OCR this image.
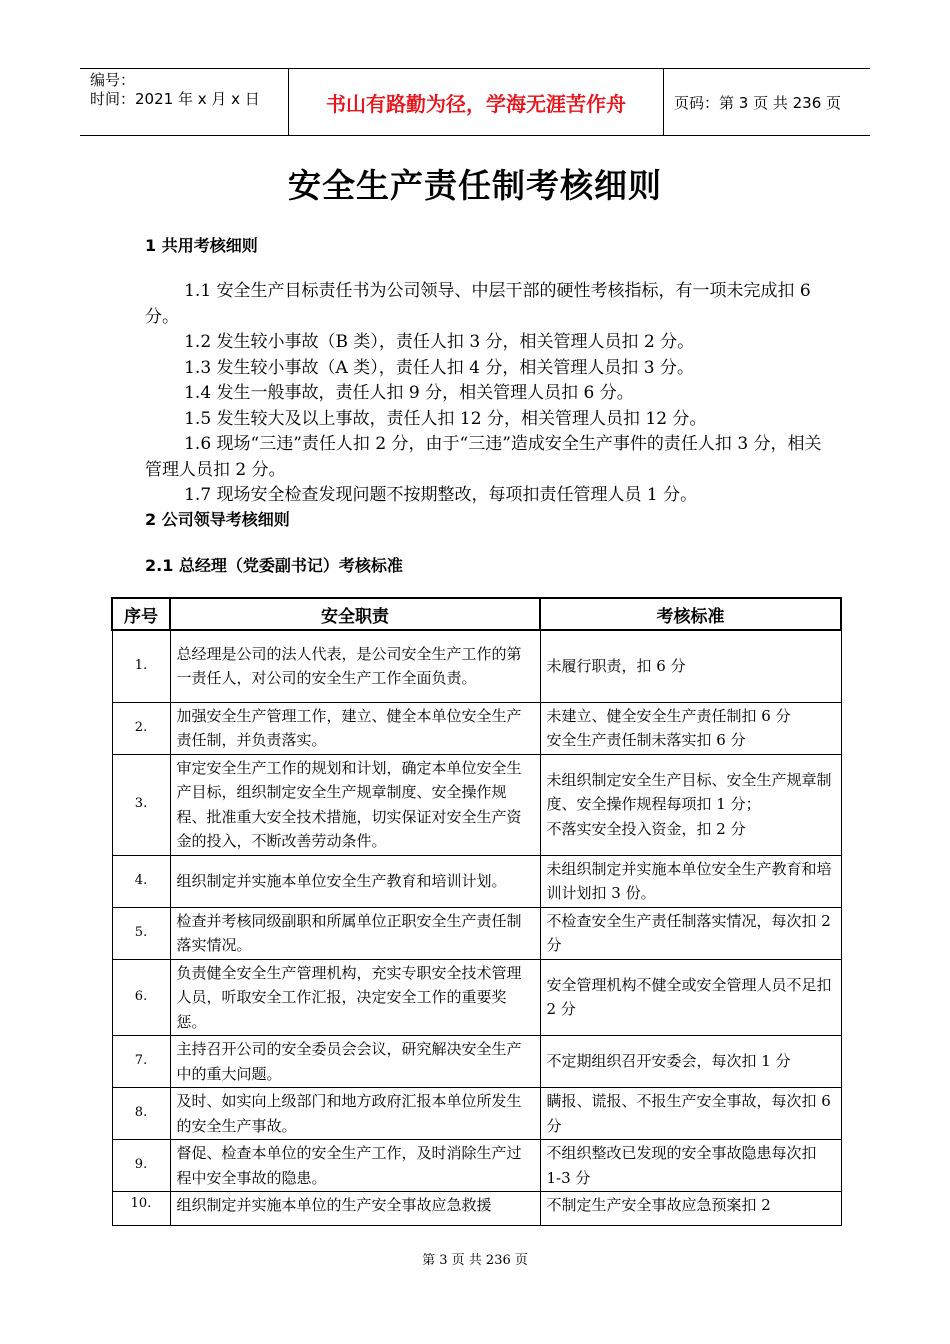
编号：
时间：2021 年 x 月 x 日	书山有路勤为径，学海无涯苦作舟	页码：第 3 页 共 236 页
安全生产责任制考核细则
1 共用考核细则

1.1 安全生产目标责任书为公司领导、中层干部的硬性考核指标，有一项未完成扣 6 分。

1.2 发生较小事故（B 类），责任人扣 3 分，相关管理人员扣 2 分。

1.3 发生较小事故（A 类），责任人扣 4 分，相关管理人员扣 3 分。

1.4 发生一般事故，责任人扣 9 分，相关管理人员扣 6 分。

1.5 发生较大及以上事故，责任人扣 12 分，相关管理人员扣 12 分。

1.6 现场“三违”责任人扣 2 分，由于“三违”造成安全生产事件的责任人扣 3 分，相关管理人员扣 2 分。

1.7 现场安全检查发现问题不按期整改，每项扣责任管理人员 1 分。

2 公司领导考核细则
2.1 总经理（党委副书记）考核标准
序号	安全职责	考核标准
1.	总经理是公司的法人代表，是公司安全生产工作的第一责任人，对公司的安全生产工作全面负责。	未履行职责，扣 6 分
2.	加强安全生产管理工作，建立、健全本单位安全生产责任制，并负责落实。	未建立、健全安全生产责任制扣 6 分
安全生产责任制未落实扣 6 分
3.	审定安全生产工作的规划和计划，确定本单位安全生产目标，组织制定安全生产规章制度、安全操作规程、批准重大安全技术措施，切实保证对安全生产资金的投入，不断改善劳动条件。	未组织制定安全生产目标、安全生产规章制度、安全操作规程每项扣 1 分；
不落实安全投入资金，扣 2 分
4.	组织制定并实施本单位安全生产教育和培训计划。	未组织制定并实施本单位安全生产教育和培训计划扣 3 份。
5.	检查并考核同级副职和所属单位正职安全生产责任制落实情况。	不检查安全生产责任制落实情况，每次扣 2 分
6.	负责健全安全生产管理机构，充实专职安全技术管理人员，听取安全工作汇报，决定安全工作的重要奖惩。	安全管理机构不健全或安全管理人员不足扣 2 分
7.	主持召开公司的安全委员会会议，研究解决安全生产中的重大问题。	不定期组织召开安委会，每次扣 1 分
8.	及时、如实向上级部门和地方政府汇报本单位所发生的安全生产事故。	瞒报、谎报、不报生产安全事故，每次扣 6 分
9.	督促、检查本单位的安全生产工作，及时消除生产过程中安全事故的隐患。	不组织整改已发现的安全事故隐患每次扣 1-3 分
10.	组织制定并实施本单位的生产安全事故应急救援	不制定生产安全事故应急预案扣 2
第 3 页 共 236 页
